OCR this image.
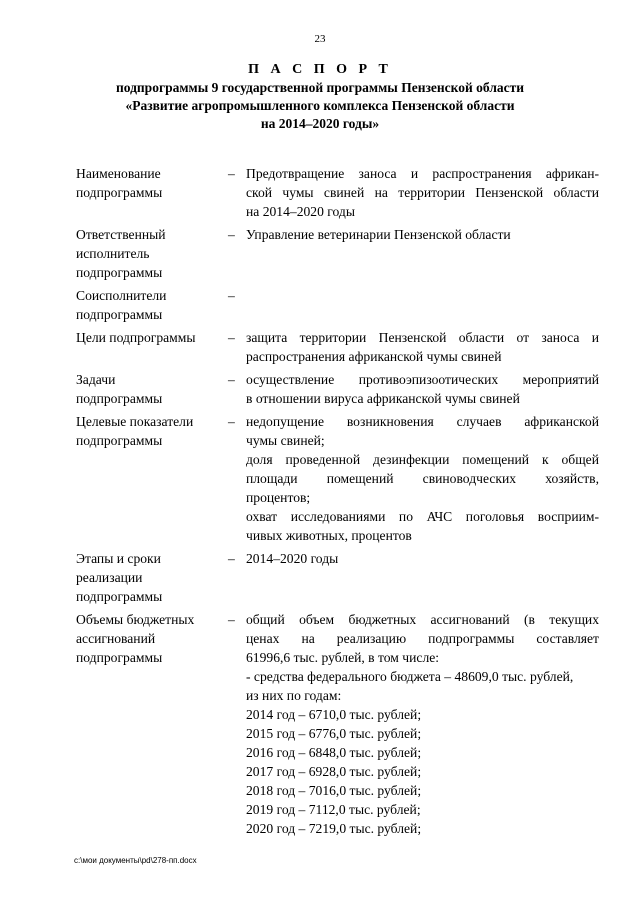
23
П А С П О Р Т
подпрограммы 9 государственной программы Пензенской области
«Развитие агропромышленного комплекса Пензенской области
на 2014–2020 годы»
Наименование
подпрограммы
– Предотвращение заноса и распространения африкан-
ской чумы свиней на территории Пензенской области
на 2014–2020 годы
Ответственный
исполнитель
подпрограммы
– Управление ветеринарии Пензенской области
Соисполнители
подпрограммы
–
Цели подпрограммы	– защита территории Пензенской области от заноса и
распространения африканской чумы свиней
Задачи
подпрограммы
– осуществление противоэпизоотических мероприятий
в отношении вируса африканской чумы свиней
Целевые показатели
подпрограммы
– недопущение возникновения случаев африканской
чумы свиней;
доля проведенной дезинфекции помещений к общей
площади помещений свиноводческих хозяйств,
процентов;
охват исследованиями по АЧС поголовья восприим-
чивых животных, процентов
Этапы и сроки
реализации
подпрограммы
– 2014–2020 годы
Объемы бюджетных
ассигнований
подпрограммы
– общий объем бюджетных ассигнований (в текущих
ценах на реализацию подпрограммы составляет
61996,6 тыс. рублей, в том числе:
- средства федерального бюджета – 48609,0 тыс. рублей,
из них по годам:
2014 год – 6710,0 тыс. рублей;
2015 год – 6776,0 тыс. рублей;
2016 год – 6848,0 тыс. рублей;
2017 год – 6928,0 тыс. рублей;
2018 год – 7016,0 тыс. рублей;
2019 год – 7112,0 тыс. рублей;
2020 год – 7219,0 тыс. рублей;
c:\мои документы\pd\278-пп.docx
